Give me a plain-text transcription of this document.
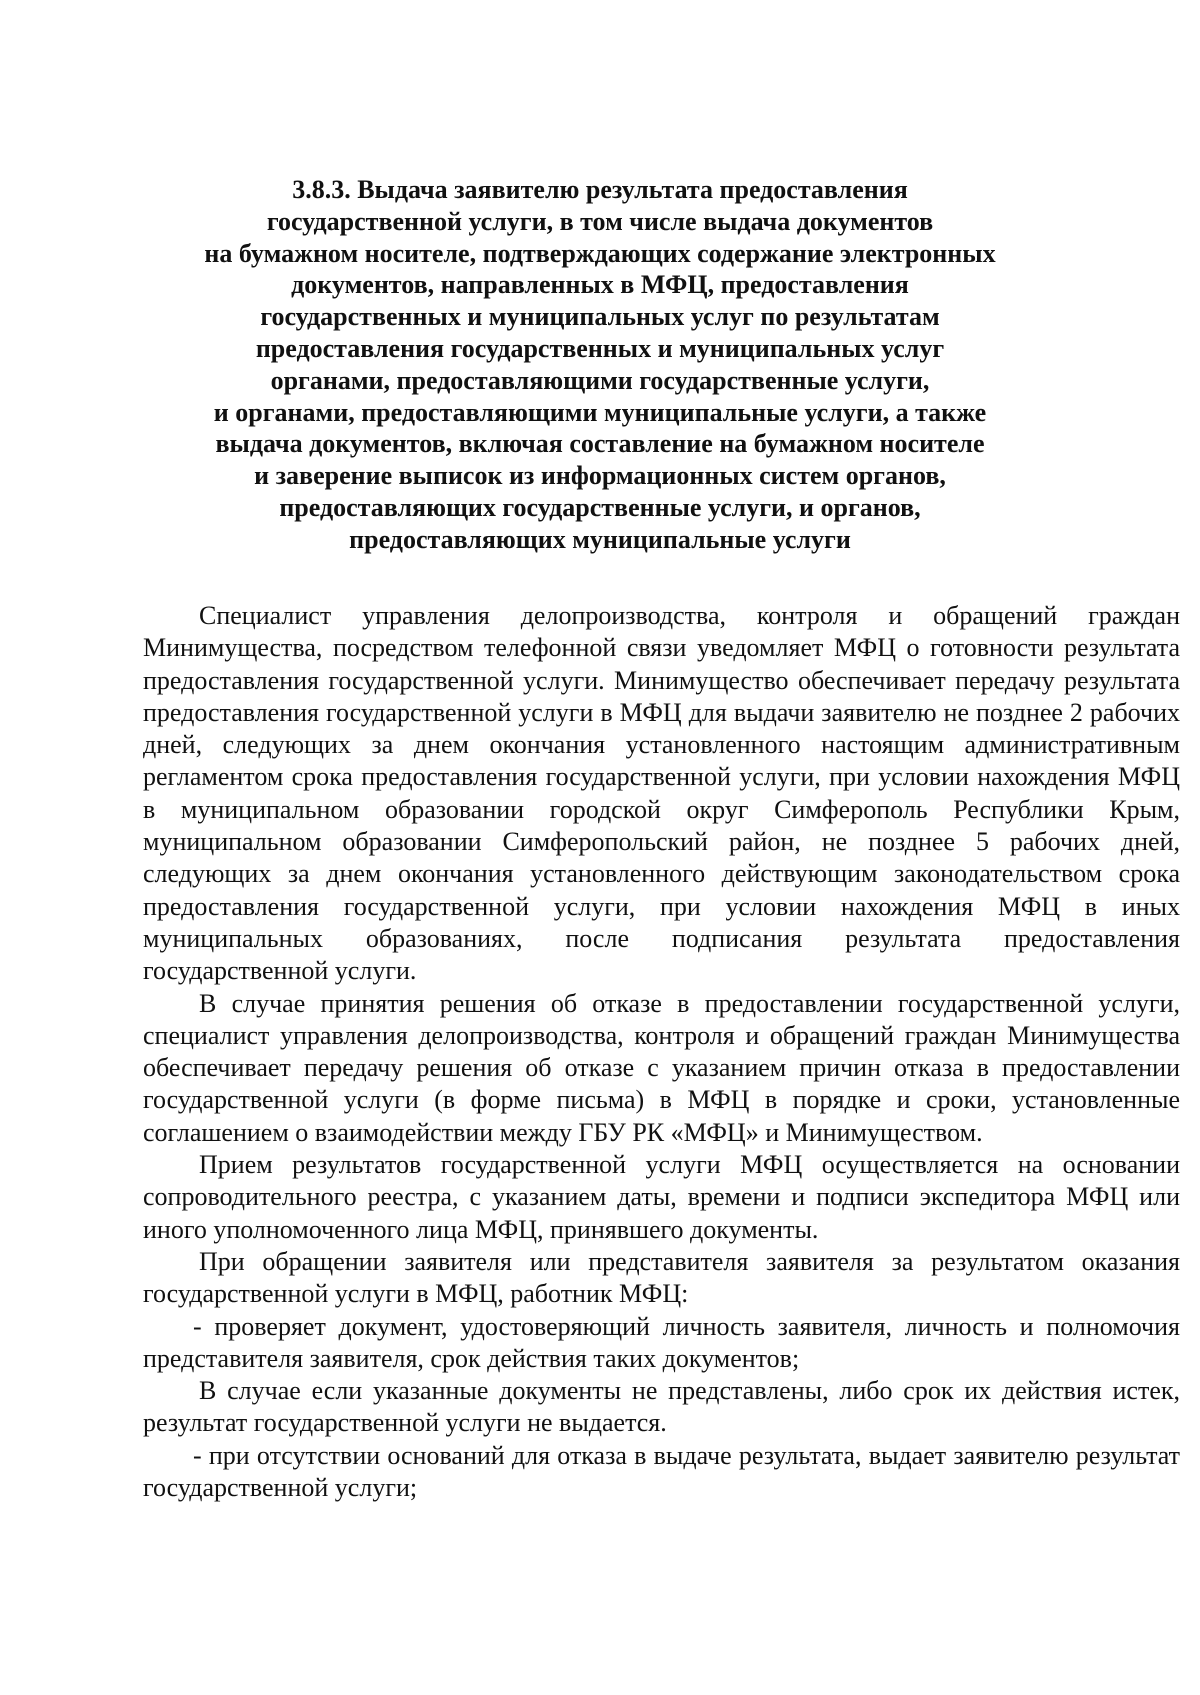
3.8.3. Выдача заявителю результата предоставления
государственной услуги, в том числе выдача документов
на бумажном носителе, подтверждающих содержание электронных
документов, направленных в МФЦ, предоставления
государственных и муниципальных услуг по результатам
предоставления государственных и муниципальных услуг
органами, предоставляющими государственные услуги,
и органами, предоставляющими муниципальные услуги, а также
выдача документов, включая составление на бумажном носителе
и заверение выписок из информационных систем органов,
предоставляющих государственные услуги, и органов,
предоставляющих муниципальные услуги

Специалист управления делопроизводства, контроля и обращений граждан Минимущества, посредством телефонной связи уведомляет МФЦ о готовности результата предоставления государственной услуги. Минимущество обеспечивает передачу результата предоставления государственной услуги в МФЦ для выдачи заявителю не позднее 2 рабочих дней, следующих за днем окончания установленного настоящим административным регламентом срока предоставления государственной услуги, при условии нахождения МФЦ в муниципальном образовании городской округ Симферополь Республики Крым, муниципальном образовании Симферопольский район, не позднее 5 рабочих дней, следующих за днем окончания установленного действующим законодательством срока предоставления государственной услуги, при условии нахождения МФЦ в иных муниципальных образованиях, после подписания результата предоставления государственной услуги.

В случае принятия решения об отказе в предоставлении государственной услуги, специалист управления делопроизводства, контроля и обращений граждан Минимущества обеспечивает передачу решения об отказе с указанием причин отказа в предоставлении государственной услуги (в форме письма) в МФЦ в порядке и сроки, установленные соглашением о взаимодействии между ГБУ РК «МФЦ» и Минимуществом.

Прием результатов государственной услуги МФЦ осуществляется на основании сопроводительного реестра, с указанием даты, времени и подписи экспедитора МФЦ или иного уполномоченного лица МФЦ, принявшего документы.

При обращении заявителя или представителя заявителя за результатом оказания государственной услуги в МФЦ, работник МФЦ:

- проверяет документ, удостоверяющий личность заявителя, личность и полномочия представителя заявителя, срок действия таких документов;

В случае если указанные документы не представлены, либо срок их действия истек, результат государственной услуги не выдается.

- при отсутствии оснований для отказа в выдаче результата, выдает заявителю результат государственной услуги;
